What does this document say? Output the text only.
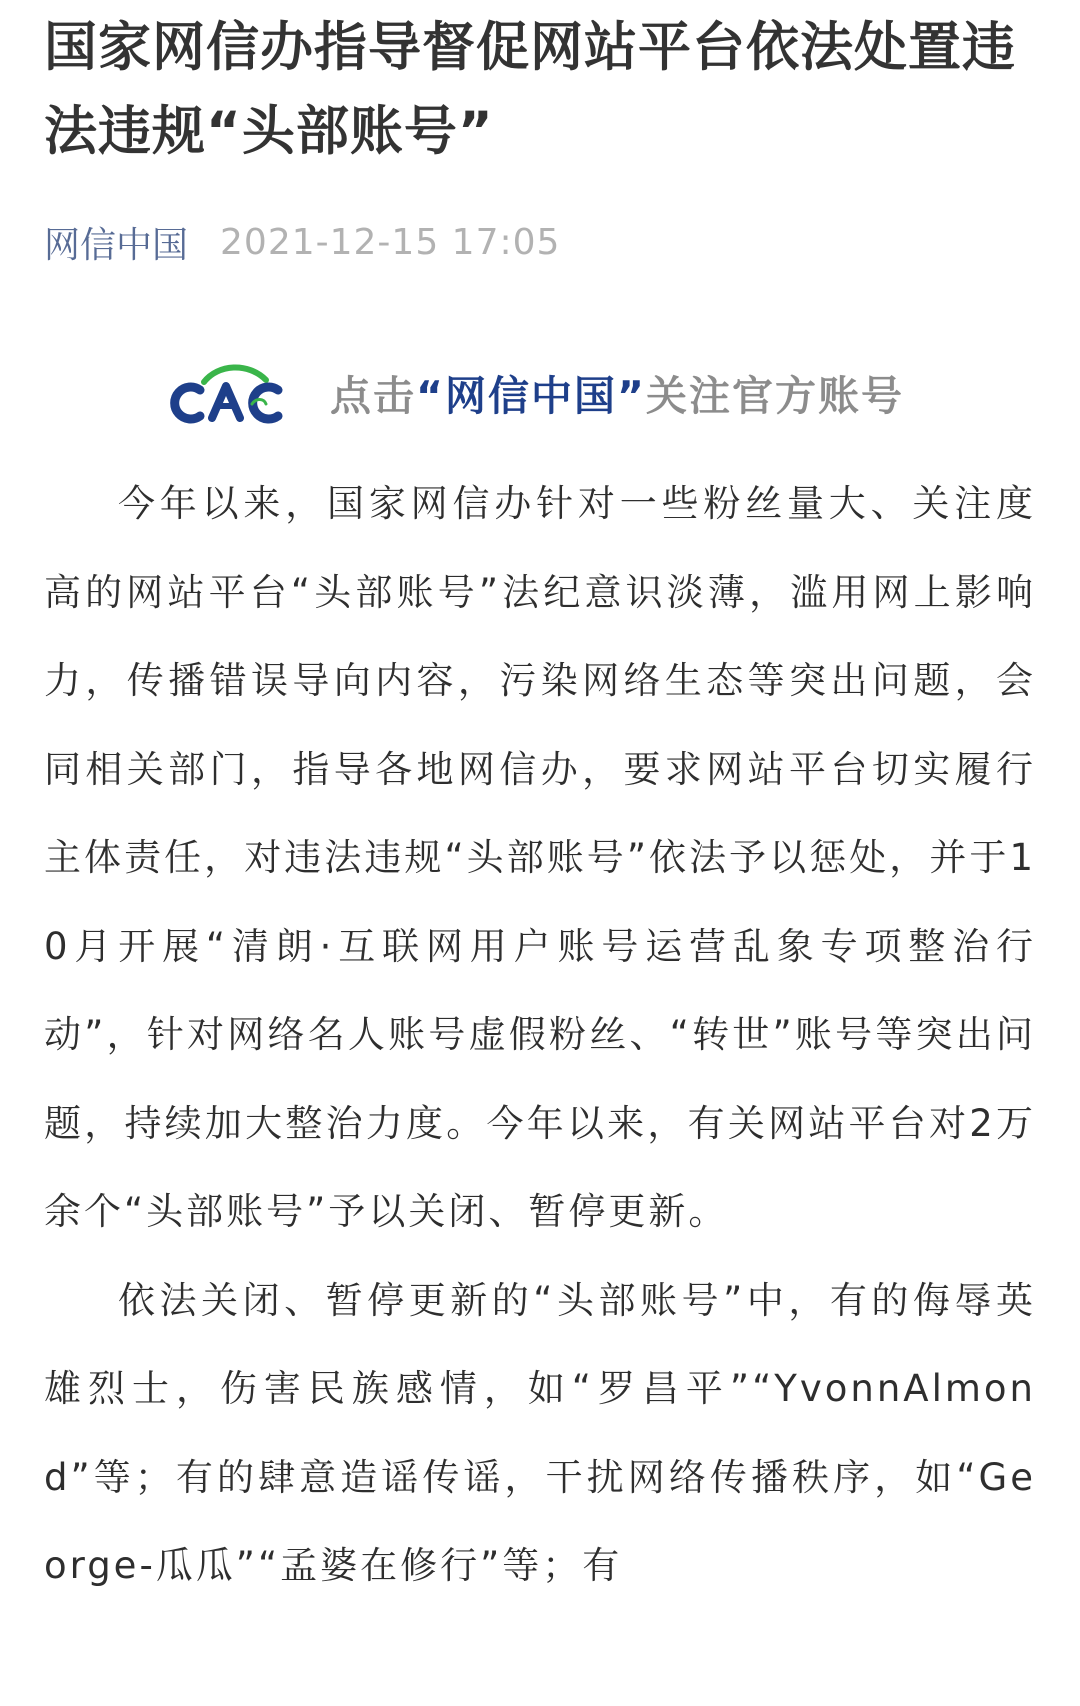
国家网信办指导督促网站平台依法处置违法违规“头部账号”
网信中国 2021-12-15 17:05
点击“网信中国”关注官方账号

今年以来，国家网信办针对一些粉丝量大、关注度高的网站平台“头部账号”法纪意识淡薄，滥用网上影响力，传播错误导向内容，污染网络生态等突出问题，会同相关部门，指导各地网信办，要求网站平台切实履行主体责任，对违法违规“头部账号”依法予以惩处，并于10月开展“清朗·互联网用户账号运营乱象专项整治行动”，针对网络名人账号虚假粉丝、“转世”账号等突出问题，持续加大整治力度。今年以来，有关网站平台对2万余个“头部账号”予以关闭、暂停更新。

依法关闭、暂停更新的“头部账号”中，有的侮辱英雄烈士，伤害民族感情，如“罗昌平”“YvonnAlmond”等；有的肆意造谣传谣，干扰网络传播秩序，如“George-瓜瓜”“孟婆在修行”等；有
